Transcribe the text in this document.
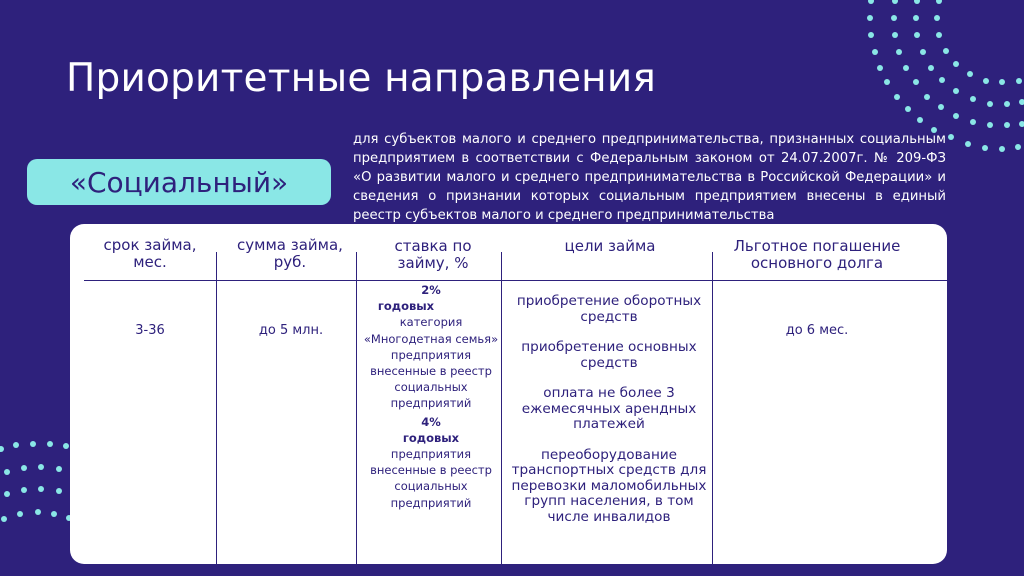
Приоритетные направления
«Социальный»
для субъектов малого и среднего предпринимательства, признанных социальным предприятием в соответствии с Федеральным законом от 24.07.2007г. № 209-ФЗ «О развитии малого и среднего предпринимательства в Российской Федерации» и сведения о признании которых социальным предприятием внесены в единый реестр субъектов малого и среднего предпринимательства
срок займа, мес.
сумма займа, руб.
ставка по займу, %
цели займа	Льготное погашение основного долга
3-36	до 5 млн.
2%
годовых
категория «Многодетная семья» предприятия внесенные в реестр социальных предприятий
4%
годовых
предприятия внесенные в реестр социальных предприятий

приобретение оборотных средств

приобретение основных средств

оплата не более 3 ежемесячных арендных платежей

переоборудование транспортных средств для перевозки маломобильных групп населения, в том числе инвалидов

до 6 мес.
